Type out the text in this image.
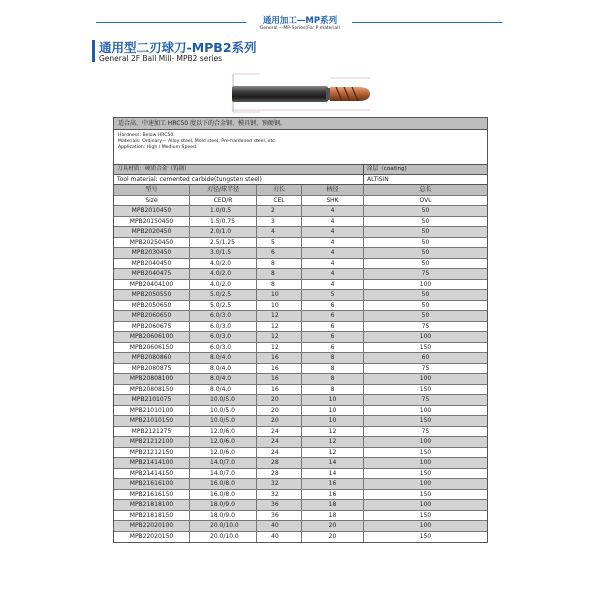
通用加工—MP系列
General —MP-Series(For P material)
通用型二刃球刀-MPB2系列
General 2F Ball Mill- MPB2 series
适合高、中速加工 HRC50 度以下的合金钢、模具钢、预硬钢。
Hardness: Below HRC50.
Materials: Ordinary— Alloy steel, Mold steel, Pre-hardened steel.,etc.
Application: High / Medium Speed.
刀具材质：硬质合金（钨钢）	涂层（coating)
Tool material: cemented carbide(tungsten steel)	ALTiSiN
型号	刃径/球半径	刃长	柄径	总长
Size	CED/R	CEL	SHK	OVL
MPB2010450	1.0/0.5	2	4	50
MPB20150450	1.5/0.75	3	4	50
MPB2020450	2.0/1.0	4	4	50
MPB20250450	2.5/1.25	5	4	50
MPB2030450	3.0/1.5	6	4	50
MPB2040450	4.0/2.0	8	4	50
MPB2040475	4.0/2.0	8	4	75
MPB20404100	4.0/2.0	8	4	100
MPB2050550	5.0/2.5	10	5	50
MPB2050650	5.0/2.5	10	6	50
MPB2060650	6.0/3.0	12	6	50
MPB2060675	6.0/3.0	12	6	75
MPB20606100	6.0/3.0	12	6	100
MPB20606150	6.0/3.0	12	6	150
MPB2080860	8.0/4.0	16	8	60
MPB2080875	8.0/4.0	16	8	75
MPB20808100	8.0/4.0	16	8	100
MPB20808150	8.0/4.0	16	8	150
MPB2101075	10.0/5.0	20	10	75
MPB21010100	10.0/5.0	20	10	100
MPB21010150	10.0/5.0	20	10	150
MPB2121275	12.0/6.0	24	12	75
MPB21212100	12.0/6.0	24	12	100
MPB21212150	12.0/6.0	24	12	150
MPB21414100	14.0/7.0	28	14	100
MPB21414150	14.0/7.0	28	14	150
MPB21616100	16.0/8.0	32	16	100
MPB21616150	16.0/8.0	32	16	150
MPB21818100	18.0/9.0	36	18	100
MPB21818150	18.0/9.0	36	18	150
MPB22020100	20.0/10.0	40	20	100
MPB22020150	20.0/10.0	40	20	150
